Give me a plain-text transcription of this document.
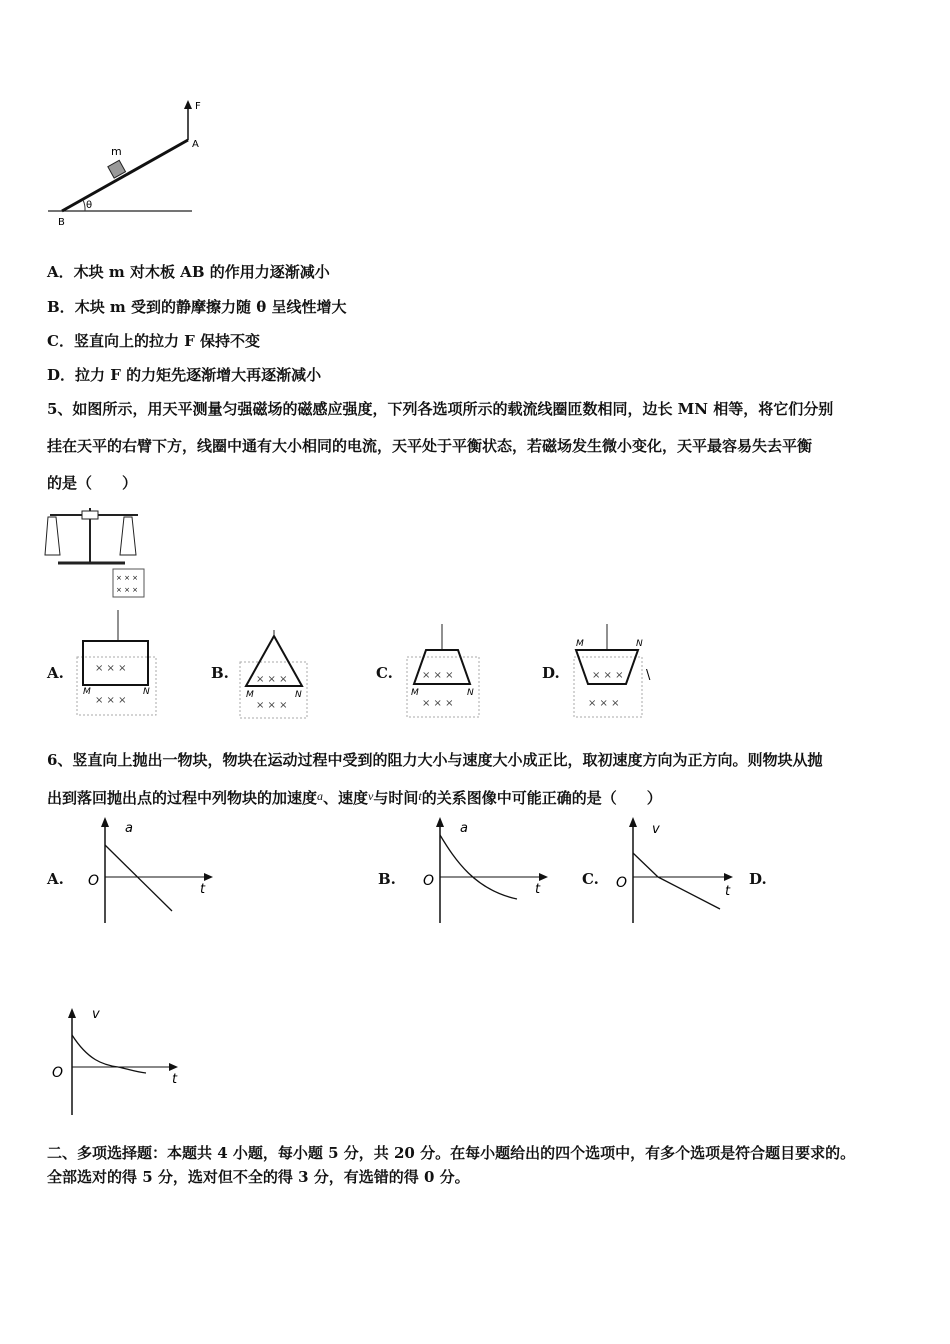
F
A
B
m
θ
A．木块 m 对木板 AB 的作用力逐渐减小
B．木块 m 受到的静摩擦力随 θ 呈线性增大
C．竖直向上的拉力 F 保持不变
D．拉力 F 的力矩先逐渐增大再逐渐减小
5、如图所示，用天平测量匀强磁场的磁感应强度，下列各选项所示的载流线圈匝数相同，边长 MN 相等，将它们分别
挂在天平的右臂下方，线圈中通有大小相同的电流，天平处于平衡状态，若磁场发生微小变化，天平最容易失去平衡
的是（　　）
× × ×
× × ×
A.	× × ×
× × ×
M	N
B.	× × ×
× × ×
M	N
C.	× × ×
× × ×
M	N
D.	× × ×
× × ×
M	N
\
6、竖直向上抛出一物块，物块在运动过程中受到的阻力大小与速度大小成正比，取初速度方向为正方向。则物块从抛
出到落回抛出点的过程中列物块的加速度$^a$、速度$^v$与时间$^t$的关系图像中可能正确的是（　　）
A.
a
t
O	B.
a
t
O	C.
v
t
O	D.
v
t
O
二、多项选择题：本题共 4 小题，每小题 5 分，共 20 分。在每小题给出的四个选项中，有多个选项是符合题目要求的。
全部选对的得 5 分，选对但不全的得 3 分，有选错的得 0 分。
